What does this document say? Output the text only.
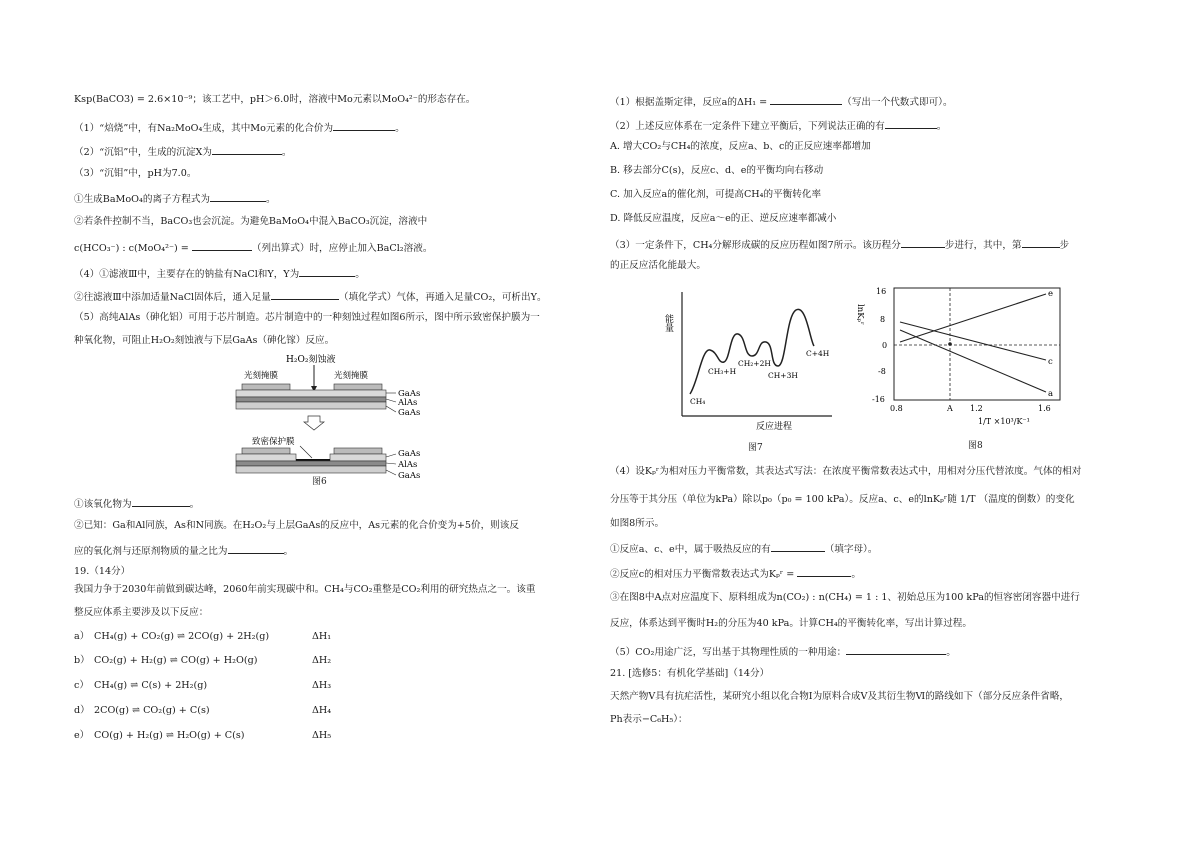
Ksp(BaCO3) = 2.6×10⁻⁹；该工艺中，pH＞6.0时，溶液中Mo元素以MoO₄²⁻的形态存在。
（1）“焙烧”中，有Na₂MoO₄生成，其中Mo元素的化合价为	。
（2）“沉铝”中，生成的沉淀X为	。
（3）“沉钼”中，pH为7.0。
①生成BaMoO₄的离子方程式为	。
②若条件控制不当，BaCO₃也会沉淀。为避免BaMoO₄中混入BaCO₃沉淀，溶液中
c(HCO₃⁻) : c(MoO₄²⁻) =	（列出算式）时，应停止加入BaCl₂溶液。
（4）①滤液Ⅲ中，主要存在的钠盐有NaCl和Y，Y为	。
②往滤液Ⅲ中添加适量NaCl固体后，通入足量	（填化学式）气体，再通入足量CO₂，可析出Y。
（5）高纯AlAs（砷化铝）可用于芯片制造。芯片制造中的一种刻蚀过程如图6所示，图中所示致密保护膜为一
种氧化物，可阻止H₂O₂刻蚀液与下层GaAs（砷化镓）反应。
H₂O₂刻蚀液
光刻掩膜	光刻掩膜
GaAs
AlAs
GaAs
致密保护膜
GaAs
AlAs
GaAs
图6
①该氧化物为	。
②已知：Ga和Al同族，As和N同族。在H₂O₂与上层GaAs的反应中，As元素的化合价变为+5价，则该反
应的氧化剂与还原剂物质的量之比为	。
19.（14分）
我国力争于2030年前做到碳达峰，2060年前实现碳中和。CH₄与CO₂重整是CO₂利用的研究热点之一。该重
整反应体系主要涉及以下反应：
a） CH₄(g) + CO₂(g) ⇌ 2CO(g) + 2H₂(g)	ΔH₁
b） CO₂(g) + H₂(g) ⇌ CO(g) + H₂O(g)	ΔH₂
c） CH₄(g) ⇌ C(s) + 2H₂(g)	ΔH₃
d） 2CO(g) ⇌ CO₂(g) + C(s)	ΔH₄
e） CO(g) + H₂(g) ⇌ H₂O(g) + C(s)	ΔH₅
（1）根据盖斯定律，反应a的ΔH₁ =	（写出一个代数式即可）。
（2）上述反应体系在一定条件下建立平衡后，下列说法正确的有	。
A. 增大CO₂与CH₄的浓度，反应a、b、c的正反应速率都增加
B. 移去部分C(s)，反应c、d、e的平衡均向右移动
C. 加入反应a的催化剂，可提高CH₄的平衡转化率
D. 降低反应温度，反应a～e的正、逆反应速率都减小
（3）一定条件下，CH₄分解形成碳的反应历程如图7所示。该历程分	步进行，其中，第	步
的正反应活化能最大。
能量
CH₄
CH₃+H
CH₂+2H
CH+3H
C+4H
反应进程
图7
lnKₚʳ
16
8
0
-8
-16
e
c
a
0.8	A 1.2	1.6
1/T ×10³/K⁻¹
图8
（4）设Kₚʳ为相对压力平衡常数，其表达式写法：在浓度平衡常数表达式中，用相对分压代替浓度。气体的相对
分压等于其分压（单位为kPa）除以p₀（p₀ = 100 kPa）。反应a、c、e的lnKₚʳ随 1/T （温度的倒数）的变化
如图8所示。
①反应a、c、e中，属于吸热反应的有	（填字母）。
②反应c的相对压力平衡常数表达式为Kₚʳ =	。
③在图8中A点对应温度下、原料组成为n(CO₂) : n(CH₄) = 1 : 1、初始总压为100 kPa的恒容密闭容器中进行
反应，体系达到平衡时H₂的分压为40 kPa。计算CH₄的平衡转化率，写出计算过程。
（5）CO₂用途广泛，写出基于其物理性质的一种用途：	。
21. [选修5：有机化学基础]（14分）
天然产物Ⅴ具有抗疟活性，某研究小组以化合物Ⅰ为原料合成Ⅴ及其衍生物Ⅵ的路线如下（部分反应条件省略，
Ph表示−C₆H₅）：
